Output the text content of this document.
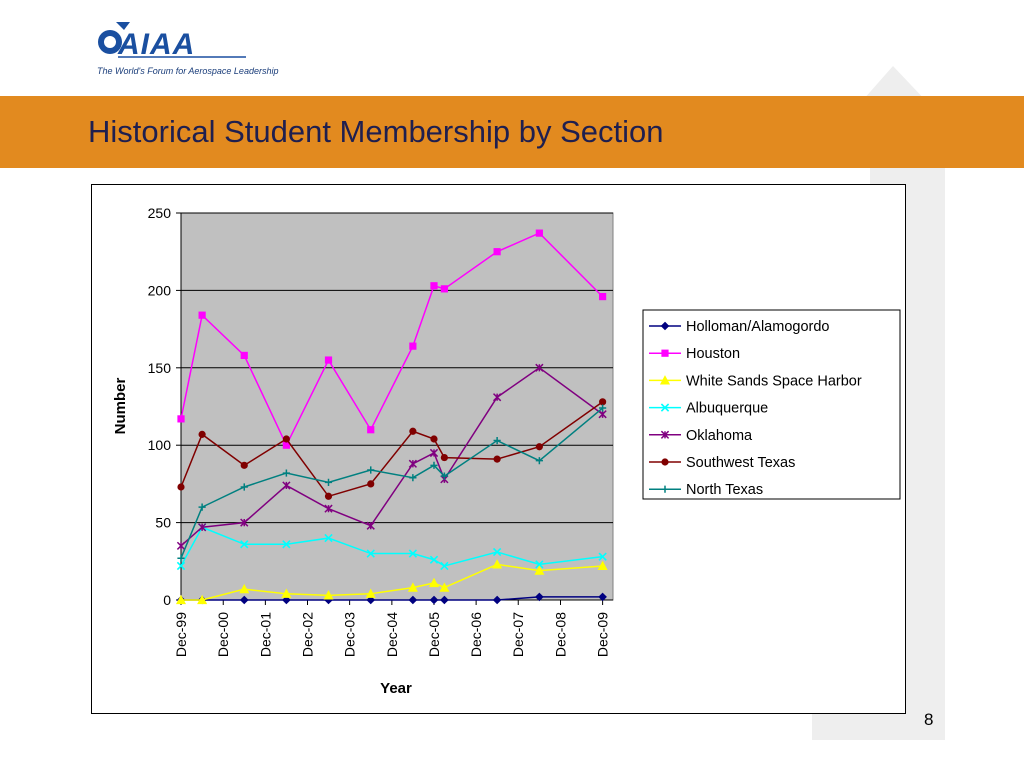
AIAA
The World's Forum for Aerospace Leadership
Historical Student Membership by Section
0
50
100
150
200
250
Dec-99 Dec-00 Dec-01 Dec-02 Dec-03 Dec-04 Dec-05 Dec-06 Dec-07 Dec-08 Dec-09
Number
Year
Holloman/Alamogordo
Houston
White Sands Space Harbor
Albuquerque
Oklahoma
Southwest Texas
North Texas
8
